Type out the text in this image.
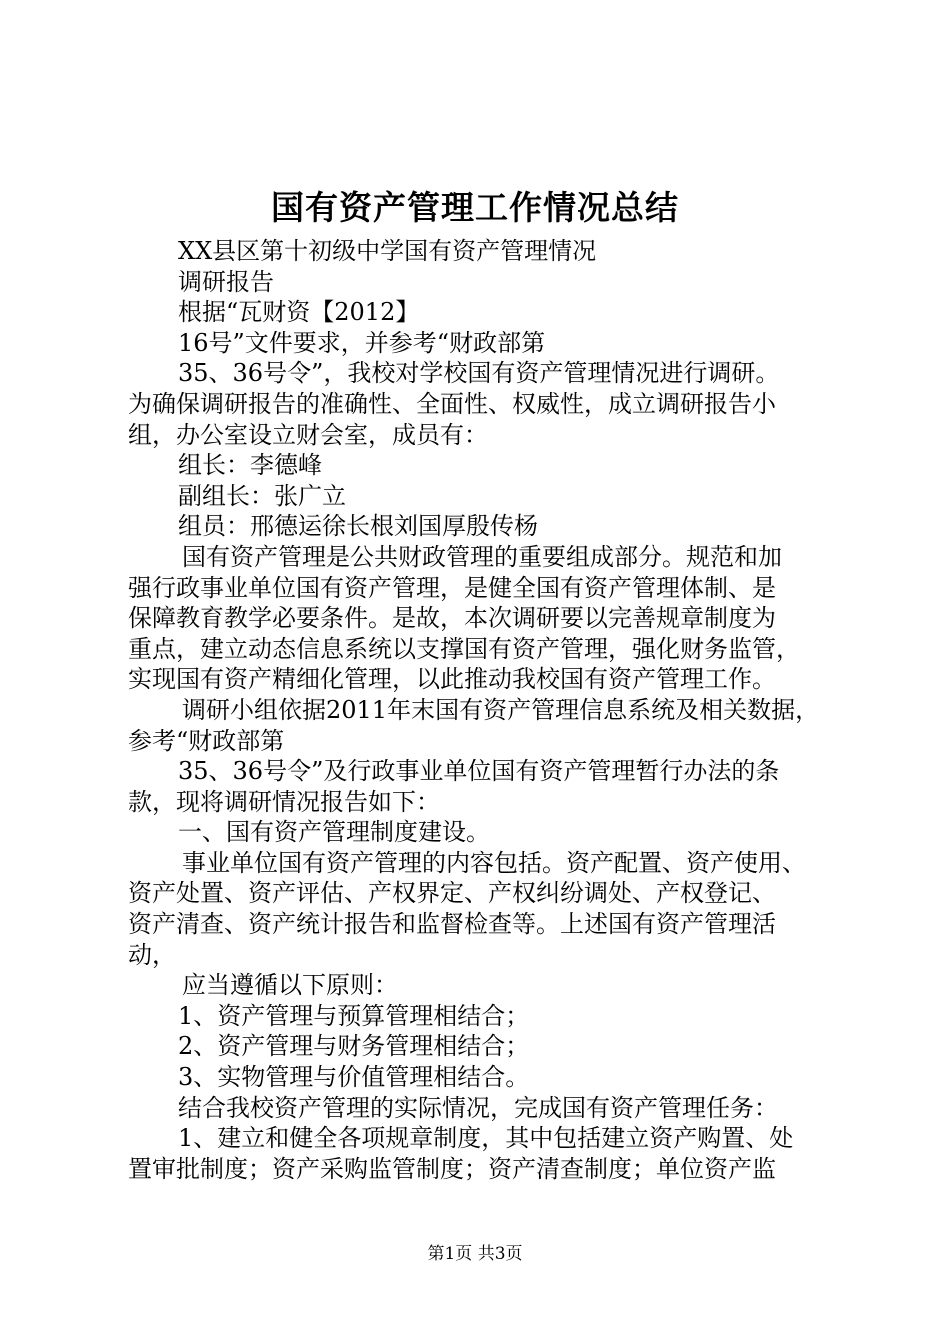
国有资产管理工作情况总结
XX县区第十初级中学国有资产管理情况
调研报告
根据“瓦财资【2012】
16号”文件要求，并参考“财政部第
35、36号令”，我校对学校国有资产管理情况进行调研。
为确保调研报告的准确性、全面性、权威性，成立调研报告小
组，办公室设立财会室，成员有：
组长：李德峰
副组长：张广立
组员：邢德运徐长根刘国厚殷传杨
国有资产管理是公共财政管理的重要组成部分。规范和加
强行政事业单位国有资产管理，是健全国有资产管理体制、是
保障教育教学必要条件。是故，本次调研要以完善规章制度为
重点，建立动态信息系统以支撑国有资产管理，强化财务监管，
实现国有资产精细化管理，以此推动我校国有资产管理工作。
调研小组依据2011年末国有资产管理信息系统及相关数据，
参考“财政部第
35、36号令”及行政事业单位国有资产管理暂行办法的条
款，现将调研情况报告如下：
一、国有资产管理制度建设。
事业单位国有资产管理的内容包括。资产配置、资产使用、
资产处置、资产评估、产权界定、产权纠纷调处、产权登记、
资产清查、资产统计报告和监督检查等。上述国有资产管理活
动，
应当遵循以下原则：
1、资产管理与预算管理相结合；
2、资产管理与财务管理相结合；
3、实物管理与价值管理相结合。
结合我校资产管理的实际情况，完成国有资产管理任务：
1、建立和健全各项规章制度，其中包括建立资产购置、处
置审批制度；资产采购监管制度；资产清查制度；单位资产监
第1页 共3页
